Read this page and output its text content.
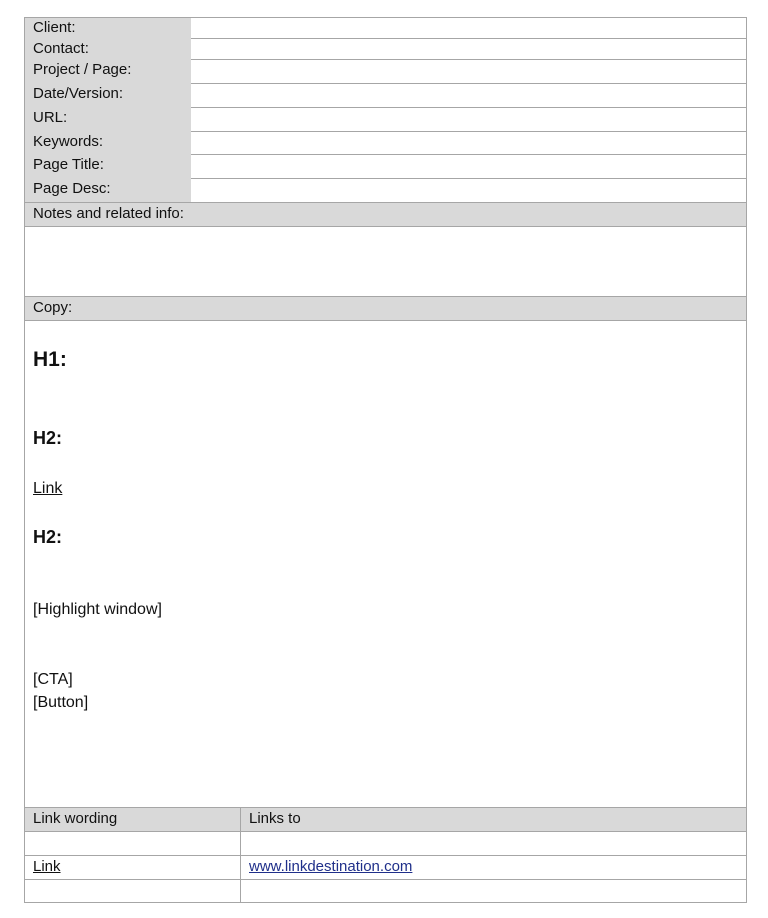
Client:
Contact:
Project / Page:
Date/Version:
URL:
Keywords:
Page Title:
Page Desc:
Notes and related info:
Copy:
H1:
H2:
Link
H2:
[Highlight window]
[CTA]
[Button]
Link wording	Links to
Link	www.linkdestination.com
